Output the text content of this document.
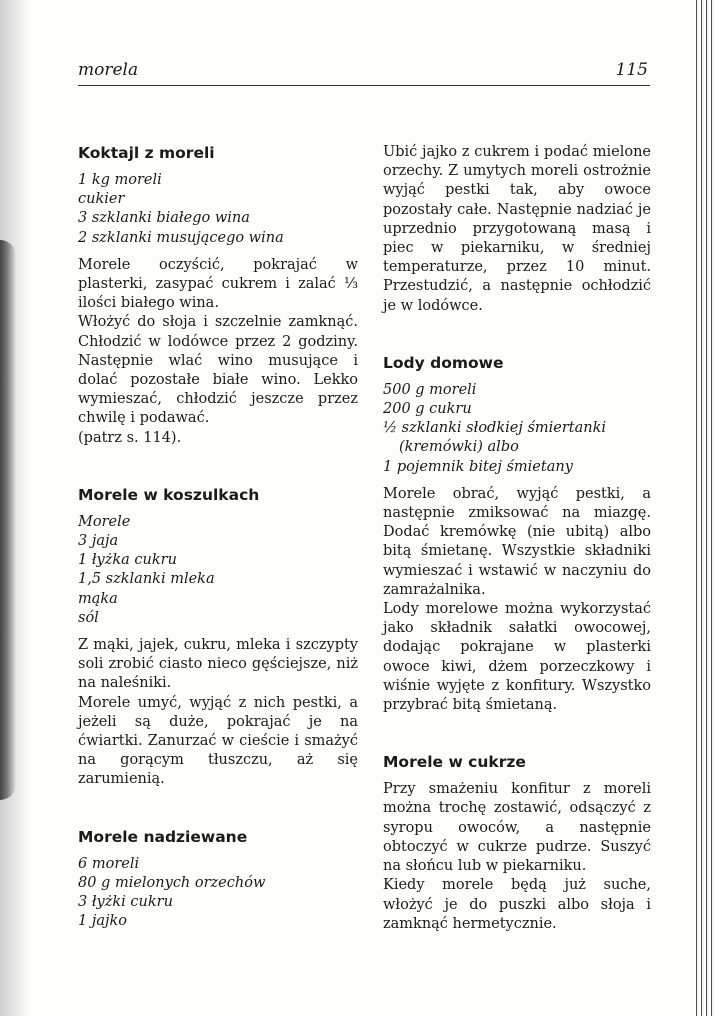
morela	115
Koktajl z moreli
1 kg moreli
cukier
3 szklanki białego wina
2 szklanki musującego wina

Morele oczyścić, pokrajać w plasterki, zasypać cukrem i zalać ⅓ ilości białego wina.

Włożyć do słoja i szczelnie zamknąć. Chłodzić w lodówce przez 2 godziny. Następnie wlać wino musujące i dolać pozostałe białe wino. Lekko wymieszać, chłodzić jeszcze przez chwilę i podawać.

(patrz s. 114).

Morele w koszulkach
Morele
3 jaja
1 łyżka cukru
1,5 szklanki mleka
mąka
sól

Z mąki, jajek, cukru, mleka i szczypty soli zrobić ciasto nieco gęściejsze, niż na naleśniki.

Morele umyć, wyjąć z nich pestki, a jeżeli są duże, pokrajać je na ćwiartki. Zanurzać w cieście i smażyć na gorącym tłuszczu, aż się zarumienią.

Morele nadziewane
6 moreli
80 g mielonych orzechów
3 łyżki cukru
1 jajko

Ubić jajko z cukrem i podać mielone orzechy. Z umytych moreli ostrożnie wyjąć pestki tak, aby owoce pozostały całe. Następnie nadziać je uprzednio przygotowaną masą i piec w piekarniku, w średniej temperaturze, przez 10 minut. Przestudzić, a następnie ochłodzić je w lodówce.

Lody domowe
500 g moreli
200 g cukru
½ szklanki słodkiej śmiertanki
(kremówki) albo
1 pojemnik bitej śmietany

Morele obrać, wyjąć pestki, a następnie zmiksować na miazgę. Dodać kremówkę (nie ubitą) albo bitą śmietanę. Wszystkie składniki wymieszać i wstawić w naczyniu do zamrażalnika.

Lody morelowe można wykorzystać jako składnik sałatki owocowej, dodając pokrajane w plasterki owoce kiwi, dżem porzeczkowy i wiśnie wyjęte z konfitury. Wszystko przybrać bitą śmietaną.

Morele w cukrze

Przy smażeniu konfitur z moreli można trochę zostawić, odsączyć z syropu owoców, a następnie obtoczyć w cukrze pudrze. Suszyć na słońcu lub w piekarniku.

Kiedy morele będą już suche, włożyć je do puszki albo słoja i zamknąć hermetycznie.
